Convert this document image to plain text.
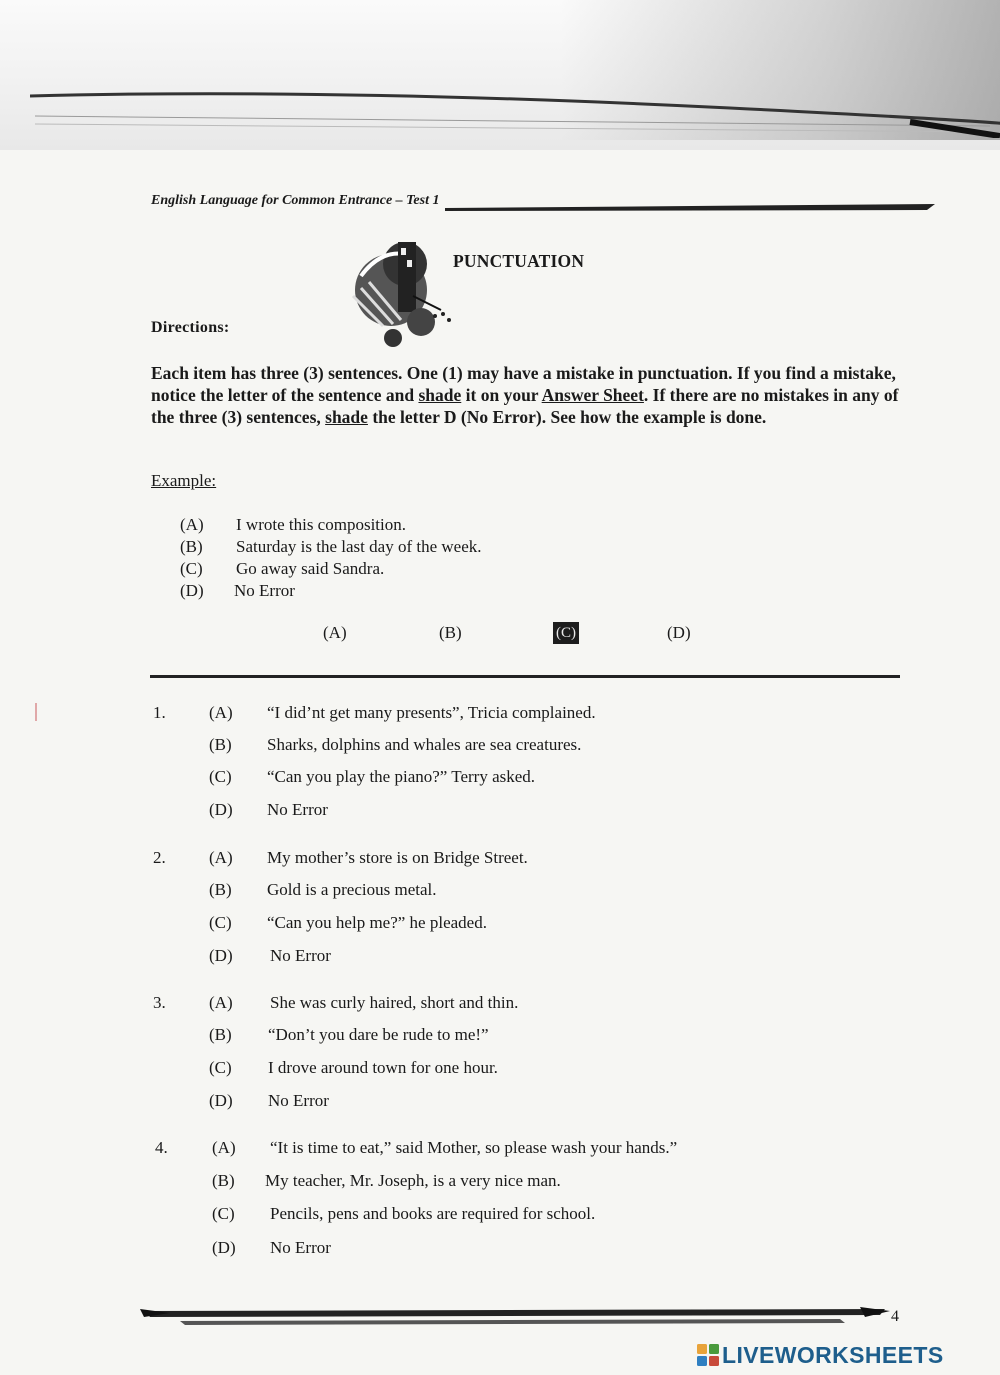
English Language for Common Entrance – Test 1
PUNCTUATION
Directions:
Each item has three (3) sentences. One (1) may have a mistake in punctuation. If you find a mistake, notice the letter of the sentence and shade it on your Answer Sheet. If there are no mistakes in any of the three (3) sentences, shade the letter D (No Error). See how the example is done.
Example:
(A) I wrote this composition.
(B) Saturday is the last day of the week.
(C) Go away said Sandra.
(D) No Error
(A)	(B)	(C)	(D)
1.	(A) “I did’nt get many presents”, Tricia complained.
(B) Sharks, dolphins and whales are sea creatures.
(C) “Can you play the piano?” Terry asked.
(D) No Error
2.	(A) My mother’s store is on Bridge Street.
(B) Gold is a precious metal.
(C) “Can you help me?” he pleaded.
(D) No Error
3.	(A) She was curly haired, short and thin.
(B) “Don’t you dare be rude to me!”
(C) I drove around town for one hour.
(D) No Error
4.	(A) “It is time to eat,” said Mother, so please wash your hands.”
(B) My teacher, Mr. Joseph, is a very nice man.
(C) Pencils, pens and books are required for school.
(D) No Error
4
LIVEWORKSHEETS
